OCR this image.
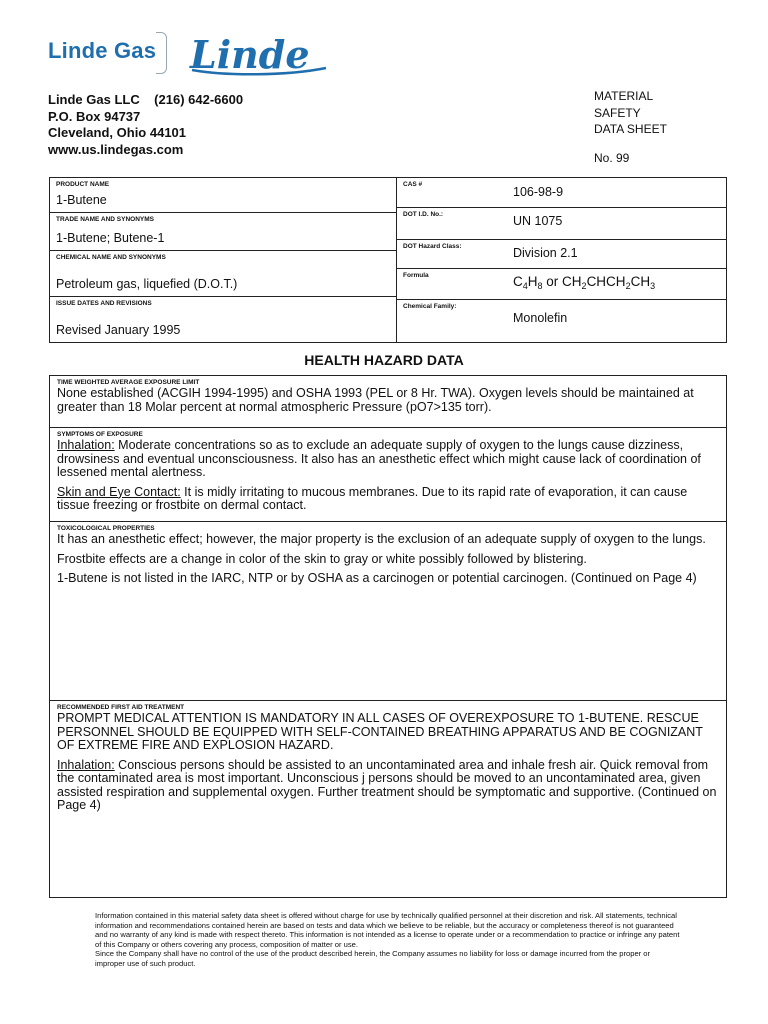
Linde Gas Linde
Linde Gas LLC    (216) 642-6600
P.O. Box 94737
Cleveland, Ohio 44101
www.us.lindegas.com
MATERIAL
SAFETY
DATA SHEET
No. 99
PRODUCT NAME
1-Butene
TRADE NAME AND SYNONYMS
1-Butene; Butene-1
CHEMICAL NAME AND SYNONYMS
Petroleum gas, liquefied (D.O.T.)
ISSUE DATES AND REVISIONS
Revised January 1995
CAS #
106-98-9
DOT I.D. No.:	UN 1075
DOT Hazard Class:	Division 2.1
Formula	$C_4H_8$ or $CH_2CHCH_2CH_3$
Chemical Family:
Monolefin
HEALTH HAZARD DATA
TIME WEIGHTED AVERAGE EXPOSURE LIMIT

None established (ACGIH 1994-1995) and OSHA 1993 (PEL or 8 Hr. TWA). Oxygen levels should be maintained at greater than 18 Molar percent at normal atmospheric Pressure (pO7>135 torr).

SYMPTOMS OF EXPOSURE

Inhalation: Moderate concentrations so as to exclude an adequate supply of oxygen to the lungs cause dizziness, drowsiness and eventual unconsciousness. It also has an anesthetic effect which might cause lack of coordination of lessened mental alertness.

Skin and Eye Contact: It is midly irritating to mucous membranes. Due to its rapid rate of evaporation, it can cause tissue freezing or frostbite on dermal contact.

TOXICOLOGICAL PROPERTIES

It has an anesthetic effect; however, the major property is the exclusion of an adequate supply of oxygen to the lungs.

Frostbite effects are a change in color of the skin to gray or white possibly followed by blistering.

1-Butene is not listed in the IARC, NTP or by OSHA as a carcinogen or potential carcinogen. (Continued on Page 4)

RECOMMENDED FIRST AID TREATMENT

PROMPT MEDICAL ATTENTION IS MANDATORY IN ALL CASES OF OVEREXPOSURE TO 1-BUTENE. RESCUE PERSONNEL SHOULD BE EQUIPPED WITH SELF-CONTAINED BREATHING APPARATUS AND BE COGNIZANT OF EXTREME FIRE AND EXPLOSION HAZARD.

Inhalation: Conscious persons should be assisted to an uncontaminated area and inhale fresh air. Quick removal from the contaminated area is most important. Unconscious j persons should be moved to an uncontaminated area, given assisted respiration and supplemental oxygen. Further treatment should be symptomatic and supportive. (Continued on Page 4)

Information contained in this material safety data sheet is offered without charge for use by technically qualified personnel at their discretion and risk. All statements, technical information and recommendations contained herein are based on tests and data which we believe to be reliable, but the accuracy or completeness thereof is not guaranteed and no warranty of any kind is made with respect thereto. This information is not intended as a license to operate under or a recommendation to practice or infringe any patent of this Company or others covering any process, composition of matter or use.
Since the Company shall have no control of the use of the product described herein, the Company assumes no liability for loss or damage incurred from the proper or improper use of such product.
